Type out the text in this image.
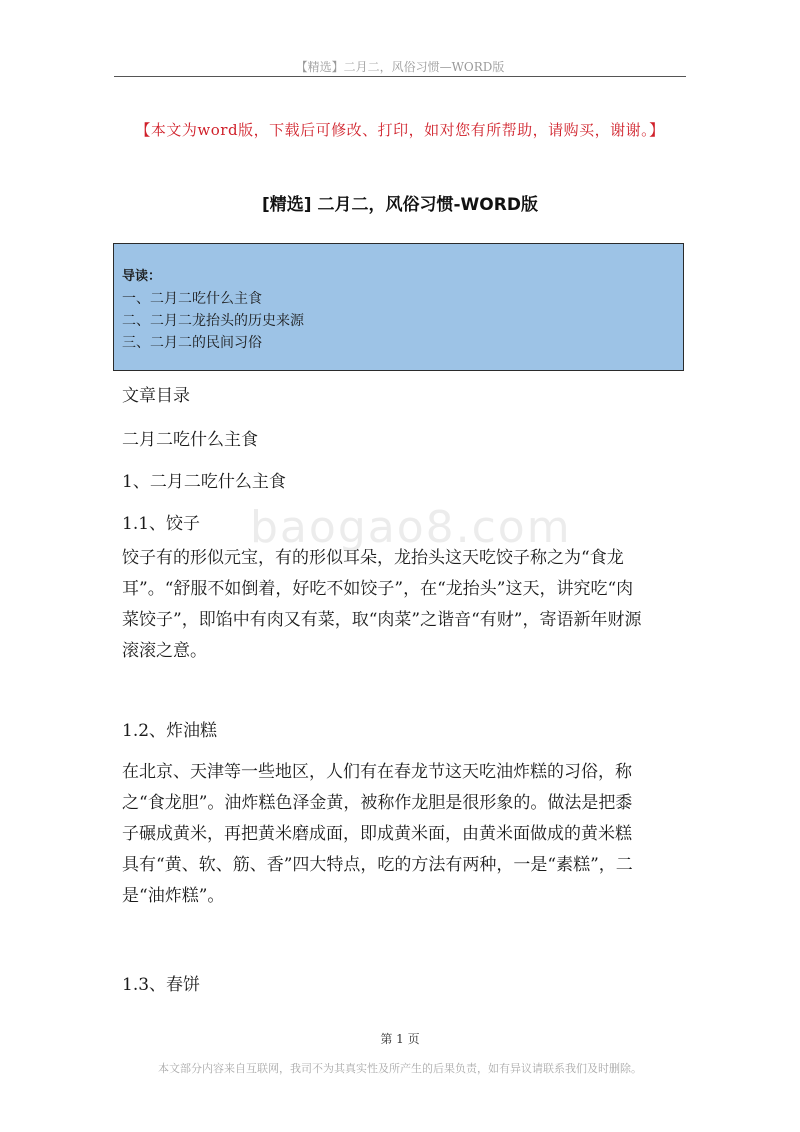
【精选】二月二，风俗习惯—WORD版
【本文为word版，下载后可修改、打印，如对您有所帮助，请购买，谢谢。】
[精选] 二月二，风俗习惯-WORD版
导读：
一、二月二吃什么主食
二、二月二龙抬头的历史来源
三、二月二的民间习俗
文章目录
二月二吃什么主食
1、二月二吃什么主食
1.1、饺子
饺子有的形似元宝，有的形似耳朵，龙抬头这天吃饺子称之为“食龙
耳”。“舒服不如倒着，好吃不如饺子”，在“龙抬头”这天，讲究吃“肉
菜饺子”，即馅中有肉又有菜，取“肉菜”之谐音“有财”，寄语新年财源
滚滚之意。
1.2、炸油糕
在北京、天津等一些地区，人们有在春龙节这天吃油炸糕的习俗，称
之“食龙胆”。油炸糕色泽金黄，被称作龙胆是很形象的。做法是把黍
子碾成黄米，再把黄米磨成面，即成黄米面，由黄米面做成的黄米糕
具有“黄、软、筋、香”四大特点，吃的方法有两种，一是“素糕”，二
是“油炸糕”。
1.3、春饼
baogao8.com
第 1 页
本文部分内容来自互联网，我司不为其真实性及所产生的后果负责，如有异议请联系我们及时删除。
